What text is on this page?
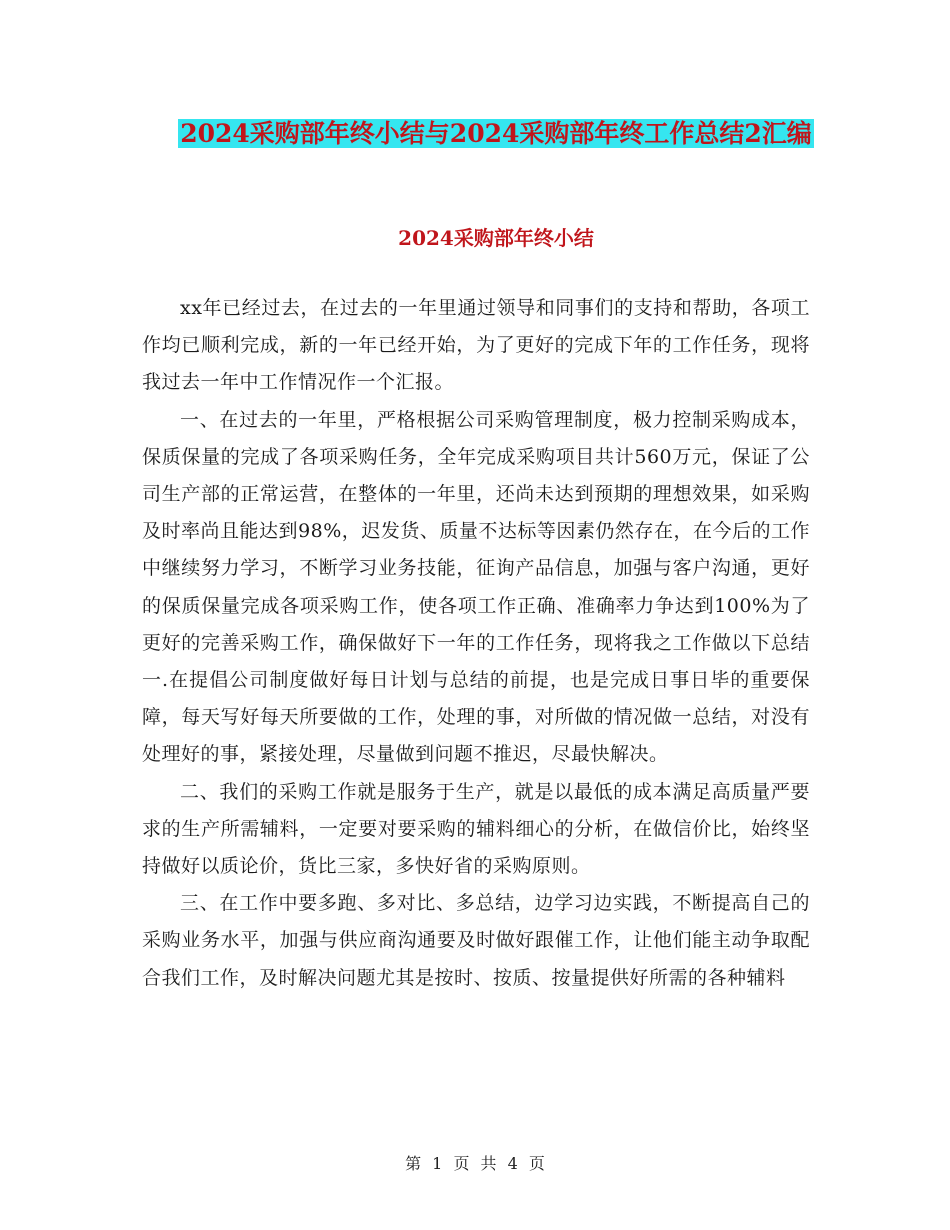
2024采购部年终小结与2024采购部年终工作总结2汇编
2024采购部年终小结

xx年已经过去，在过去的一年里通过领导和同事们的支持和帮助，各项工作均已顺利完成，新的一年已经开始，为了更好的完成下年的工作任务，现将我过去一年中工作情况作一个汇报。

一、在过去的一年里，严格根据公司采购管理制度，极力控制采购成本，保质保量的完成了各项采购任务，全年完成采购项目共计560万元，保证了公司生产部的正常运营，在整体的一年里，还尚未达到预期的理想效果，如采购及时率尚且能达到98%，迟发货、质量不达标等因素仍然存在，在今后的工作中继续努力学习，不断学习业务技能，征询产品信息，加强与客户沟通，更好的保质保量完成各项采购工作，使各项工作正确、准确率力争达到100%为了更好的完善采购工作，确保做好下一年的工作任务，现将我之工作做以下总结一.在提倡公司制度做好每日计划与总结的前提，也是完成日事日毕的重要保障，每天写好每天所要做的工作，处理的事，对所做的情况做一总结，对没有处理好的事，紧接处理，尽量做到问题不推迟，尽最快解决。

二、我们的采购工作就是服务于生产，就是以最低的成本满足高质量严要求的生产所需辅料，一定要对要采购的辅料细心的分析，在做信价比，始终坚持做好以质论价，货比三家，多快好省的采购原则。

三、在工作中要多跑、多对比、多总结，边学习边实践，不断提高自己的采购业务水平，加强与供应商沟通要及时做好跟催工作，让他们能主动争取配合我们工作，及时解决问题尤其是按时、按质、按量提供好所需的各种辅料

第 1 页 共 4 页
